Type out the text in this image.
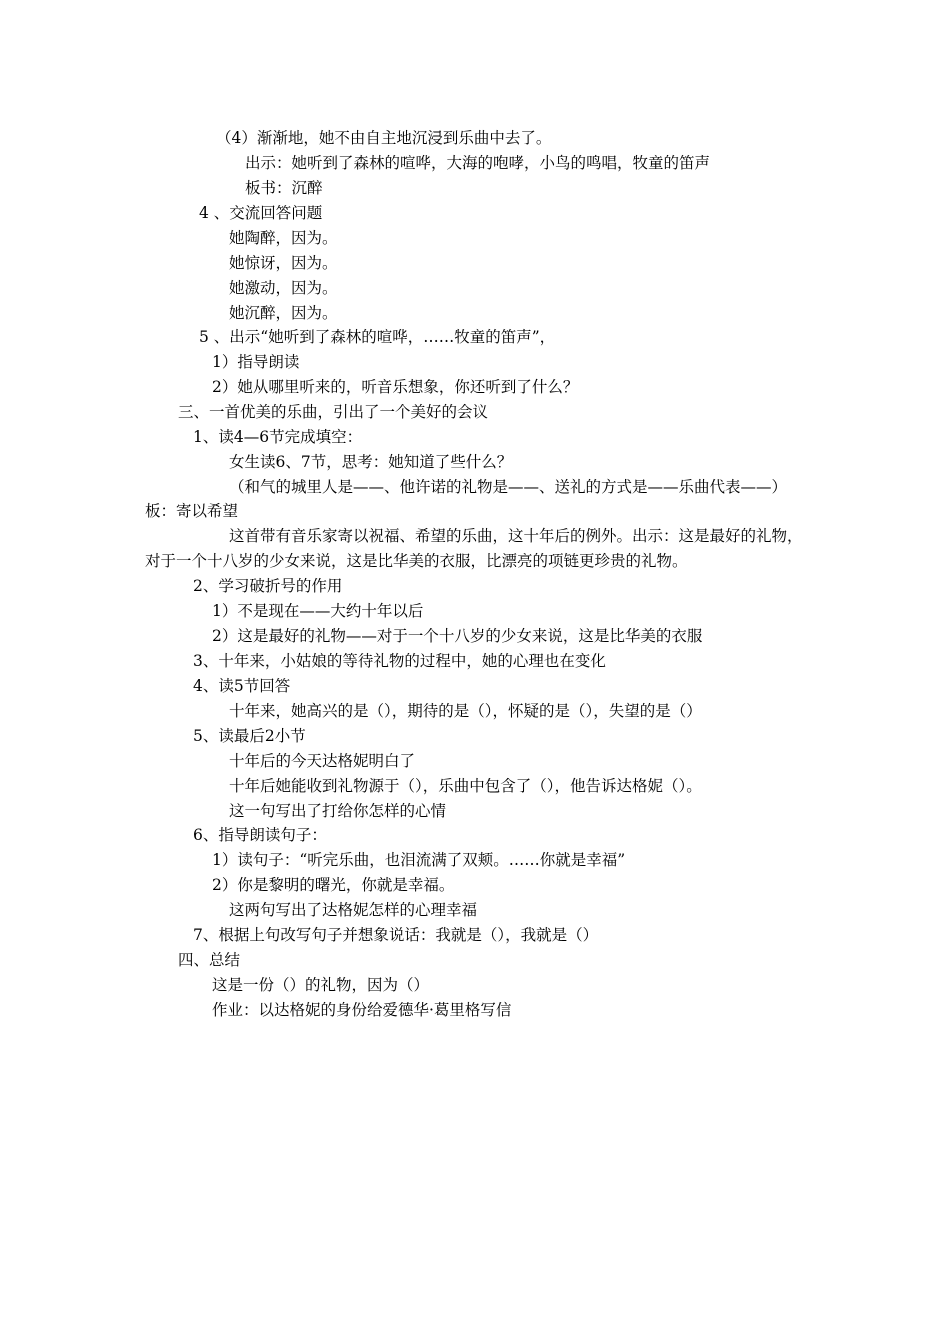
（4）渐渐地，她不由自主地沉浸到乐曲中去了。
出示：她听到了森林的喧哗，大海的咆哮，小鸟的鸣唱，牧童的笛声
板书：沉醉
4 、交流回答问题
她陶醉，因为。
她惊讶，因为。
她激动，因为。
她沉醉，因为。
5 、出示“她听到了森林的喧哗，……牧童的笛声”，
1）指导朗读
2）她从哪里听来的，听音乐想象，你还听到了什么？
三、一首优美的乐曲，引出了一个美好的会议
1、读4—6节完成填空：
女生读6、7节，思考：她知道了些什么？
（和气的城里人是——、他许诺的礼物是——、送礼的方式是——乐曲代表——）
板：寄以希望
这首带有音乐家寄以祝福、希望的乐曲，这十年后的例外。出示：这是最好的礼物，
对于一个十八岁的少女来说，这是比华美的衣服，比漂亮的项链更珍贵的礼物。
2、学习破折号的作用
1）不是现在——大约十年以后
2）这是最好的礼物——对于一个十八岁的少女来说，这是比华美的衣服
3、十年来，小姑娘的等待礼物的过程中，她的心理也在变化
4、读5节回答
十年来，她高兴的是（），期待的是（），怀疑的是（），失望的是（）
5、读最后2小节
十年后的今天达格妮明白了
十年后她能收到礼物源于（），乐曲中包含了（），他告诉达格妮（）。
这一句写出了打给你怎样的心情
6、指导朗读句子：
1）读句子：“听完乐曲，也泪流满了双颊。……你就是幸福”
2）你是黎明的曙光，你就是幸福。
这两句写出了达格妮怎样的心理幸福
7、根据上句改写句子并想象说话：我就是（），我就是（）
四、总结
这是一份（）的礼物，因为（）
作业：以达格妮的身份给爱德华·葛里格写信
